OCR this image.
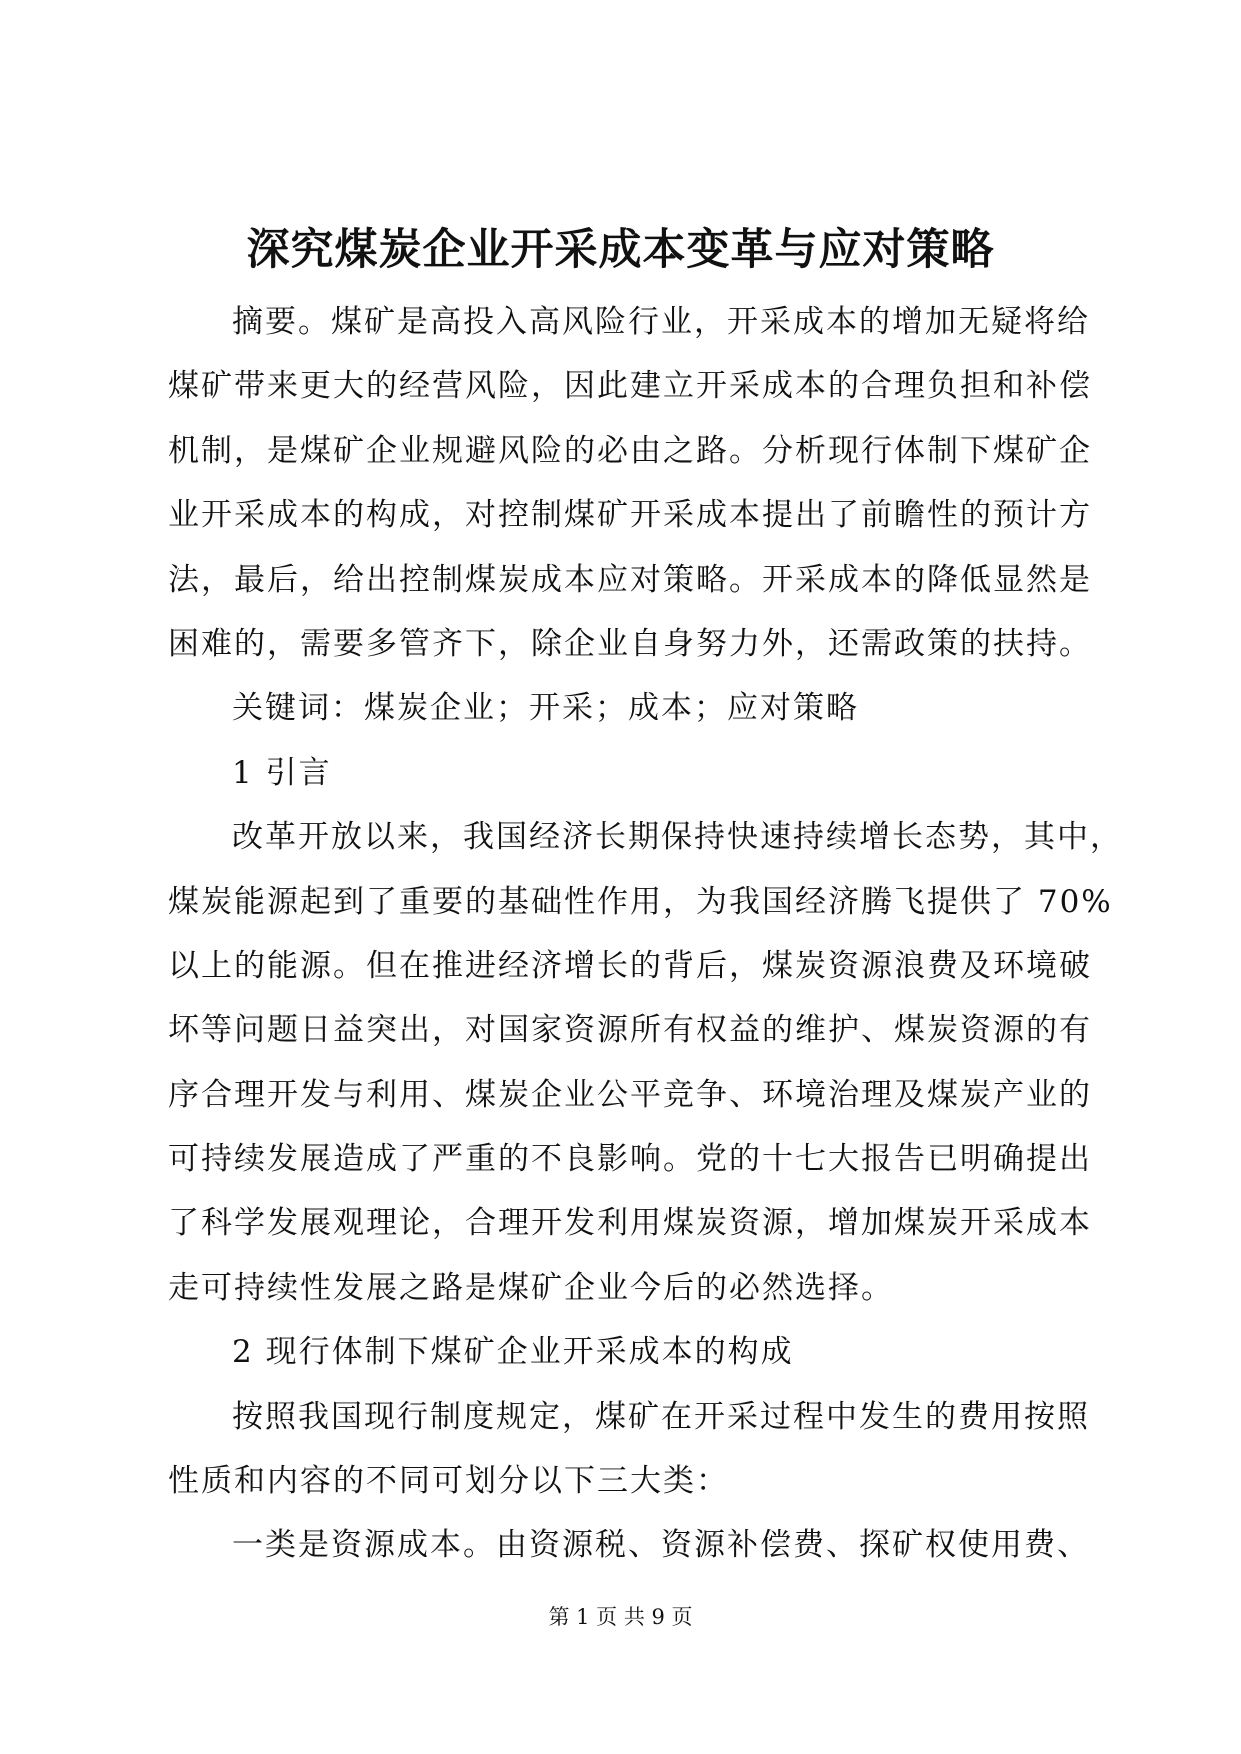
深究煤炭企业开采成本变革与应对策略
摘要。煤矿是高投入高风险行业，开采成本的增加无疑将给
煤矿带来更大的经营风险，因此建立开采成本的合理负担和补偿
机制，是煤矿企业规避风险的必由之路。分析现行体制下煤矿企
业开采成本的构成，对控制煤矿开采成本提出了前瞻性的预计方
法，最后，给出控制煤炭成本应对策略。开采成本的降低显然是
困难的，需要多管齐下，除企业自身努力外，还需政策的扶持。
关键词：煤炭企业；开采；成本；应对策略
1 引言
改革开放以来，我国经济长期保持快速持续增长态势，其中，
煤炭能源起到了重要的基础性作用，为我国经济腾飞提供了 70%
以上的能源。但在推进经济增长的背后，煤炭资源浪费及环境破
坏等问题日益突出，对国家资源所有权益的维护、煤炭资源的有
序合理开发与利用、煤炭企业公平竞争、环境治理及煤炭产业的
可持续发展造成了严重的不良影响。党的十七大报告已明确提出
了科学发展观理论，合理开发利用煤炭资源，增加煤炭开采成本
走可持续性发展之路是煤矿企业今后的必然选择。
2 现行体制下煤矿企业开采成本的构成
按照我国现行制度规定，煤矿在开采过程中发生的费用按照
性质和内容的不同可划分以下三大类：
一类是资源成本。由资源税、资源补偿费、探矿权使用费、
第 1 页 共 9 页
